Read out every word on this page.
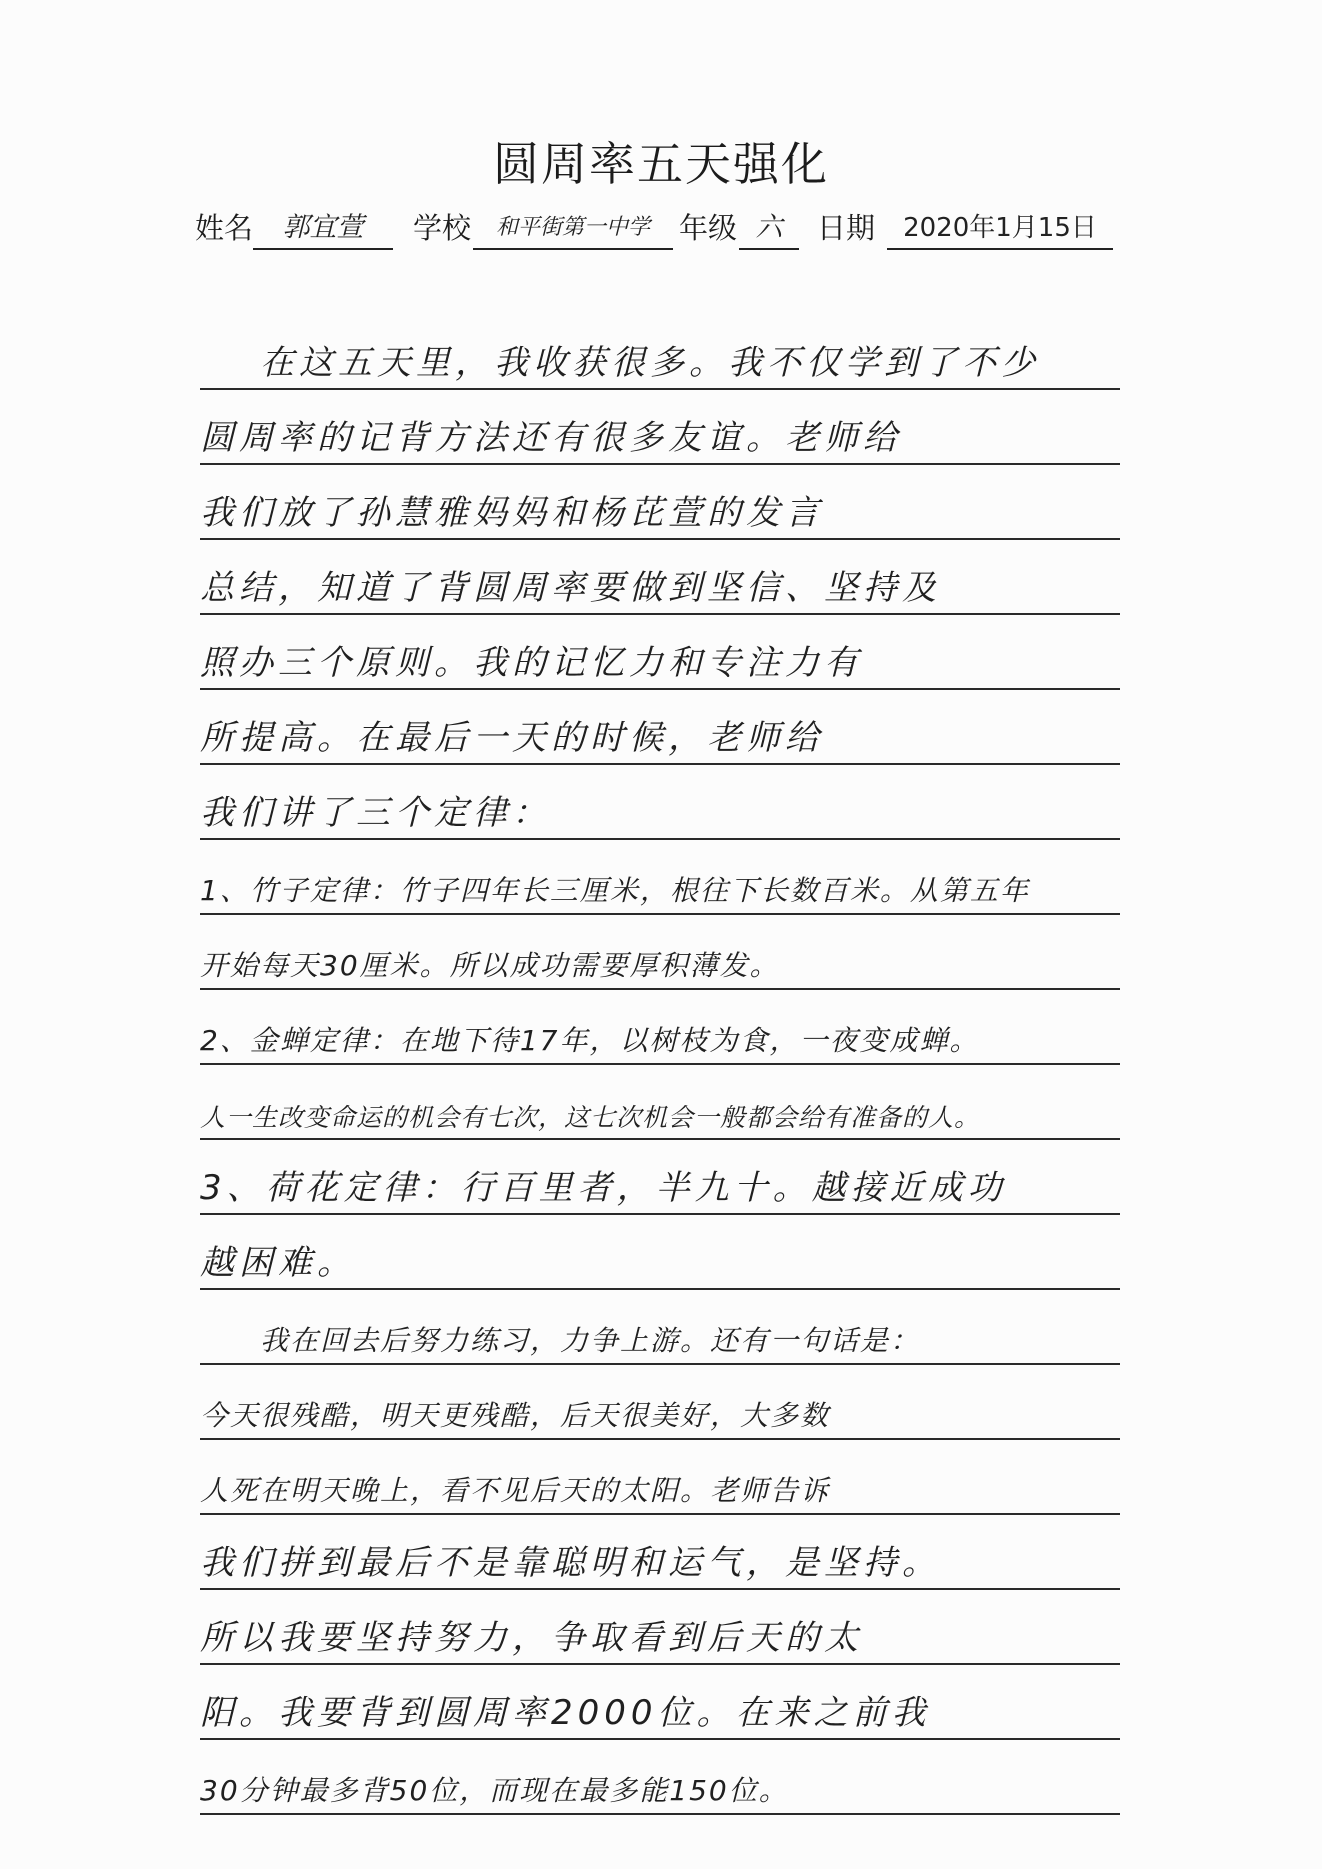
圆周率五天强化
姓名	郭宜萱	学校	和平街第一中学	年级 六	日期	2020年1月15日
在这五天里，我收获很多。我不仅学到了不少
圆周率的记背方法还有很多友谊。老师给
我们放了孙慧雅妈妈和杨芘萱的发言
总结，知道了背圆周率要做到坚信、坚持及
照办三个原则。我的记忆力和专注力有
所提高。在最后一天的时候，老师给
我们讲了三个定律：
1、竹子定律：竹子四年长三厘米，根往下长数百米。从第五年
开始每天30厘米。所以成功需要厚积薄发。
2、金蝉定律：在地下待17年，以树枝为食，一夜变成蝉。
人一生改变命运的机会有七次，这七次机会一般都会给有准备的人。
3、荷花定律：行百里者，半九十。越接近成功
越困难。
我在回去后努力练习，力争上游。还有一句话是：
今天很残酷，明天更残酷，后天很美好，大多数
人死在明天晚上，看不见后天的太阳。老师告诉
我们拼到最后不是靠聪明和运气，是坚持。
所以我要坚持努力，争取看到后天的太
阳。我要背到圆周率2000位。在来之前我
30分钟最多背50位，而现在最多能150位。
